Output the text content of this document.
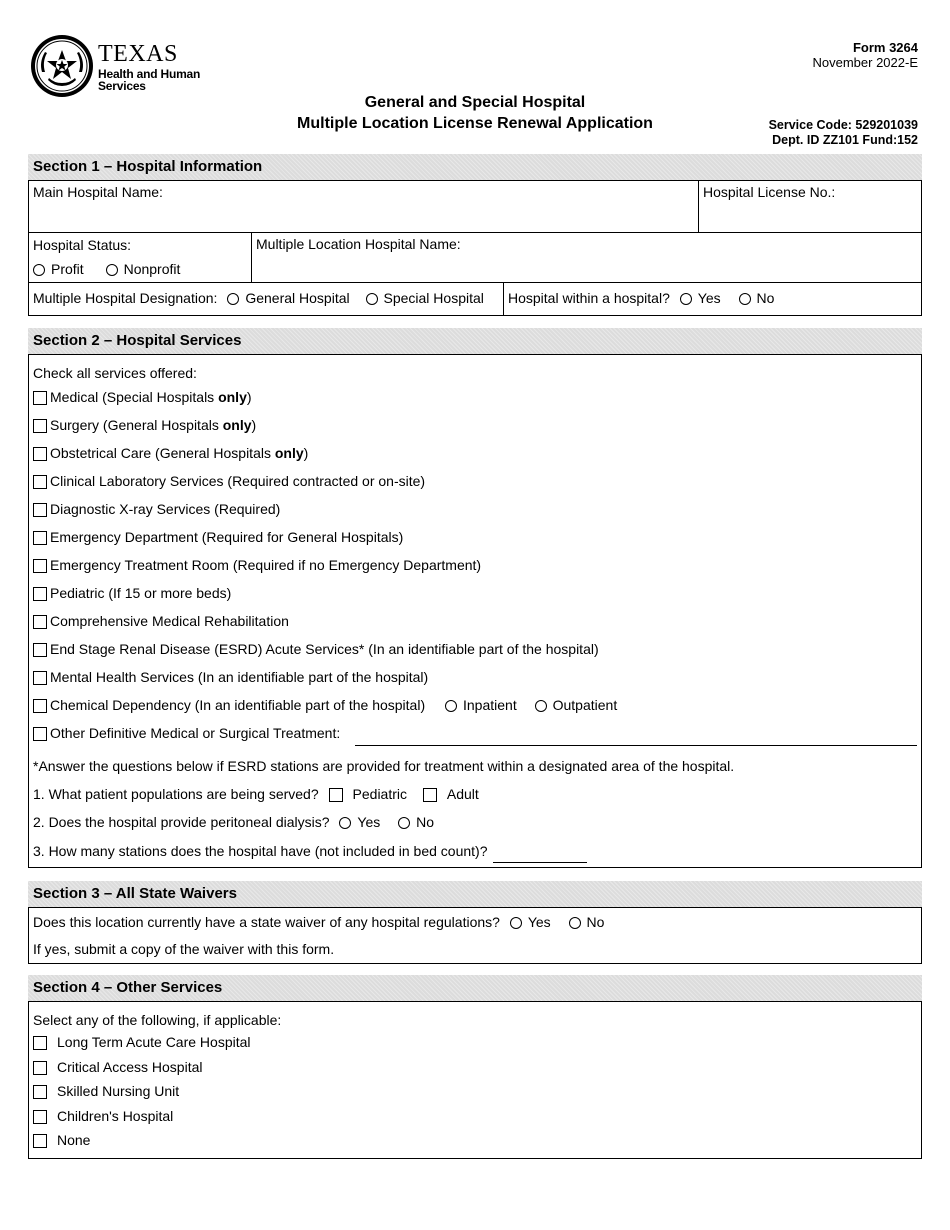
TEXAS
Health and Human
Services
Form 3264
November 2022-E
General and Special Hospital
Multiple Location License Renewal Application	Service Code: 529201039
Dept. ID ZZ101 Fund:152
Section 1 – Hospital Information
Main Hospital Name:	Hospital License No.:
Hospital Status:
Profit	Nonprofit
Multiple Location Hospital Name:
Multiple Hospital Designation: General Hospital Special Hospital	Hospital within a hospital? Yes	No
Section 2 – Hospital Services
Check all services offered:
Medical (Special Hospitals only)
Surgery (General Hospitals only)
Obstetrical Care (General Hospitals only)
Clinical Laboratory Services (Required contracted or on-site)
Diagnostic X-ray Services (Required)
Emergency Department (Required for General Hospitals)
Emergency Treatment Room (Required if no Emergency Department)
Pediatric (If 15 or more beds)
Comprehensive Medical Rehabilitation
End Stage Renal Disease (ESRD) Acute Services* (In an identifiable part of the hospital)
Mental Health Services (In an identifiable part of the hospital)
Chemical Dependency (In an identifiable part of the hospital)	Inpatient	Outpatient
Other Definitive Medical or Surgical Treatment:
*Answer the questions below if ESRD stations are provided for treatment within a designated area of the hospital.
1. What patient populations are being served? Pediatric	Adult
2. Does the hospital provide peritoneal dialysis? Yes	No
3. How many stations does the hospital have (not included in bed count)?
Section 3 – All State Waivers
Does this location currently have a state waiver of any hospital regulations? Yes	No
If yes, submit a copy of the waiver with this form.
Section 4 – Other Services
Select any of the following, if applicable:
Long Term Acute Care Hospital
Critical Access Hospital
Skilled Nursing Unit
Children's Hospital
None
